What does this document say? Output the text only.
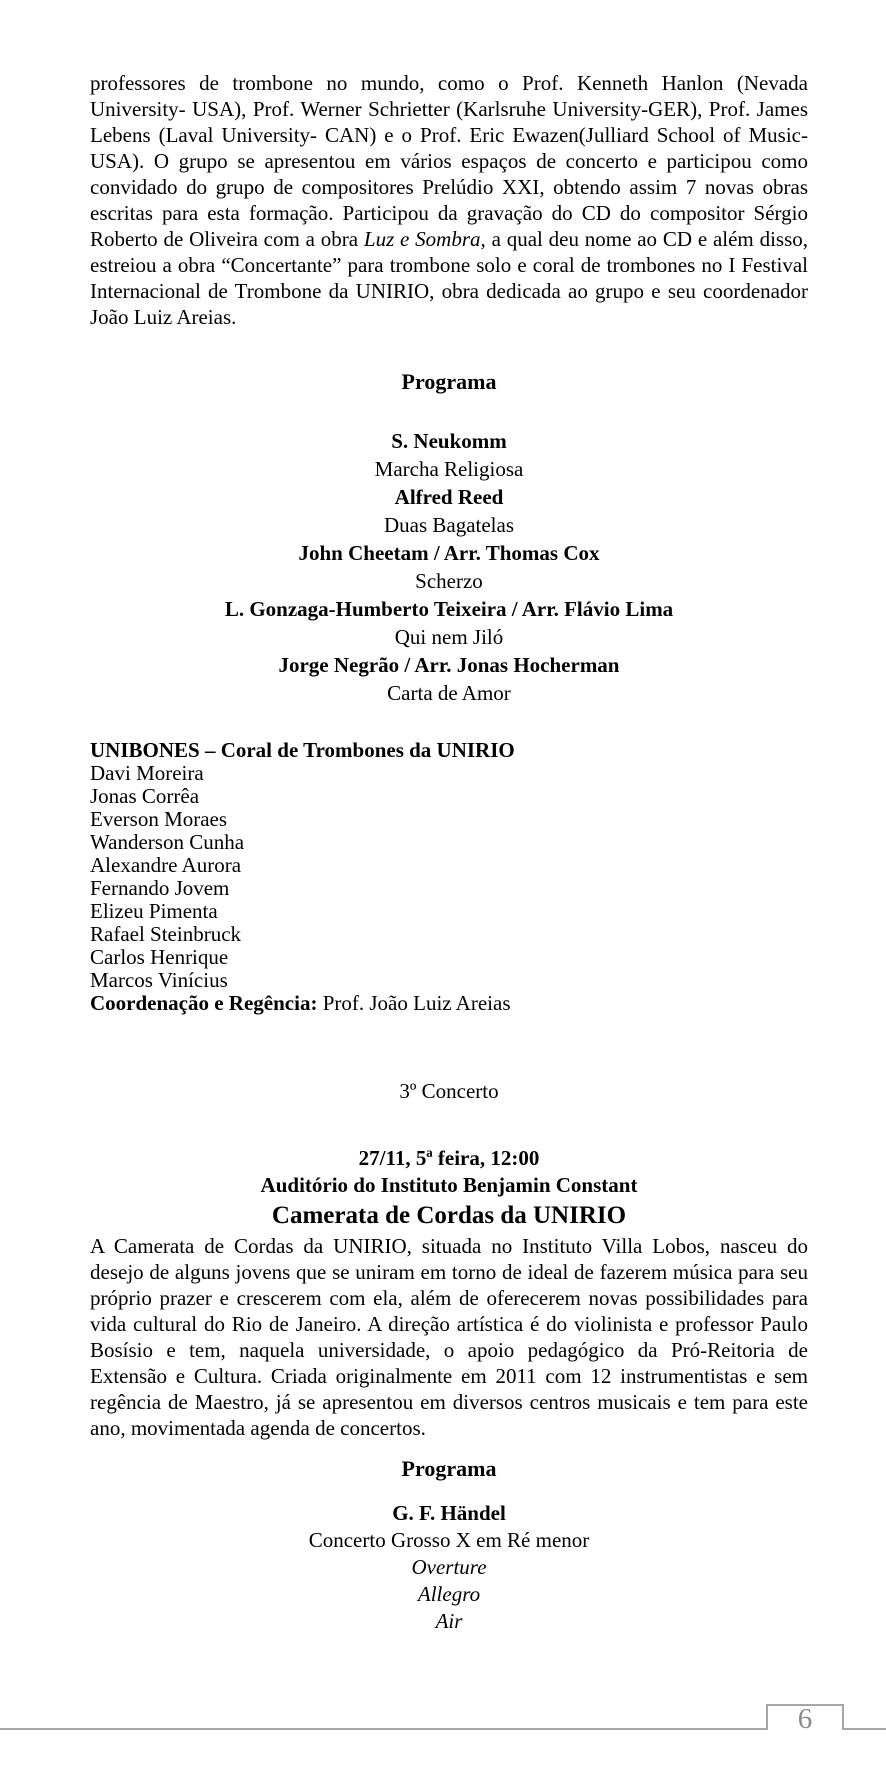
professores de trombone no mundo, como o Prof. Kenneth Hanlon (Nevada University- USA), Prof. Werner Schrietter (Karlsruhe University-GER), Prof. James Lebens (Laval University- CAN) e o Prof. Eric Ewazen(Julliard School of Music-USA). O grupo se apresentou em vários espaços de concerto e participou como convidado do grupo de compositores Prelúdio XXI, obtendo assim 7 novas obras escritas para esta formação. Participou da gravação do CD do compositor Sérgio Roberto de Oliveira com a obra Luz e Sombra, a qual deu nome ao CD e além disso, estreiou a obra “Concertante” para trombone solo e coral de trombones no I Festival Internacional de Trombone da UNIRIO, obra dedicada ao grupo e seu coordenador João Luiz Areias.
Programa
S. Neukomm
Marcha Religiosa
Alfred Reed
Duas Bagatelas
John Cheetam / Arr. Thomas Cox
Scherzo
L. Gonzaga-Humberto Teixeira / Arr. Flávio Lima
Qui nem Jiló
Jorge Negrão / Arr. Jonas Hocherman
Carta de Amor
UNIBONES – Coral de Trombones da UNIRIO
Davi Moreira
Jonas Corrêa
Everson Moraes
Wanderson Cunha
Alexandre Aurora
Fernando Jovem
Elizeu Pimenta
Rafael Steinbruck
Carlos Henrique
Marcos Vinícius
Coordenação e Regência: Prof. João Luiz Areias
3º Concerto
27/11, 5ª feira, 12:00
Auditório do Instituto Benjamin Constant
Camerata de Cordas da UNIRIO
A Camerata de Cordas da UNIRIO, situada no Instituto Villa Lobos, nasceu do desejo de alguns jovens que se uniram em torno de ideal de fazerem música para seu próprio prazer e crescerem com ela, além de oferecerem novas possibilidades para vida cultural do Rio de Janeiro. A direção artística é do violinista e professor Paulo Bosísio e tem, naquela universidade, o apoio pedagógico da Pró-Reitoria de Extensão e Cultura. Criada originalmente em 2011 com 12 instrumentistas e sem regência de Maestro, já se apresentou em diversos centros musicais e tem para este ano, movimentada agenda de concertos.
Programa
G. F. Händel
Concerto Grosso X em Ré menor
Overture
Allegro
Air
6
